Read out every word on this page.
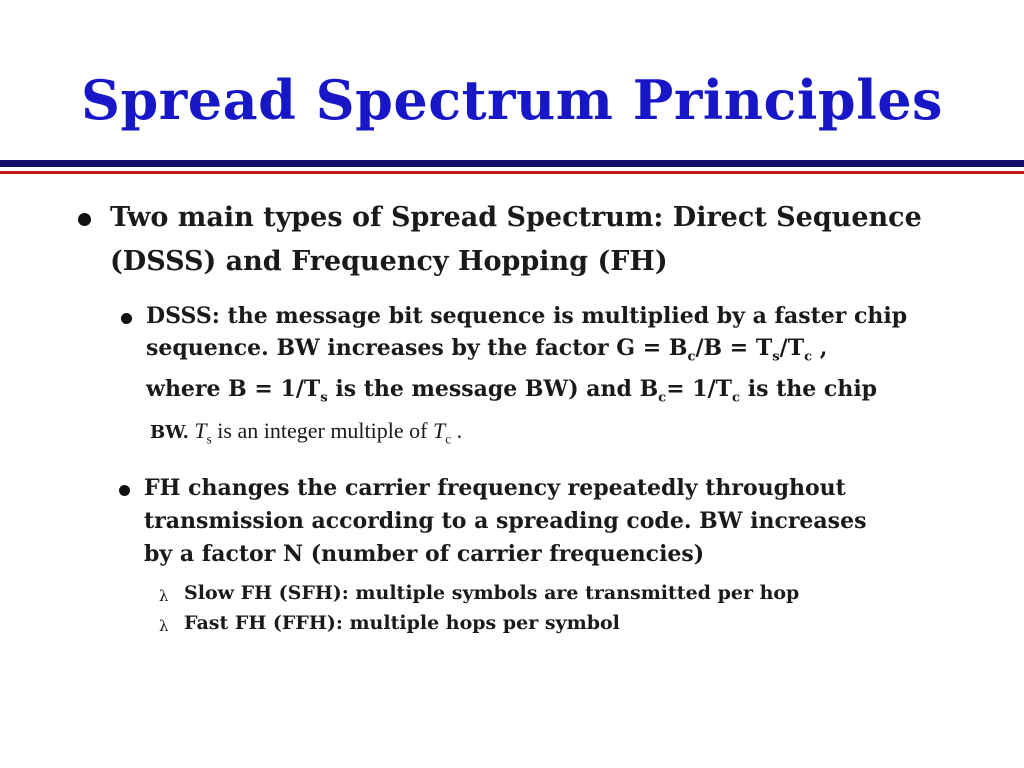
Spread Spectrum Principles
Two main types of Spread Spectrum: Direct Sequence
(DSSS) and Frequency Hopping (FH)
DSSS: the message bit sequence is multiplied by a faster chip
sequence. BW increases by the factor $G = B_c/B = T_s/T_c$ ,
where $B = 1/T_s$ is the message BW) and $B_c= 1/T_c$ is the chip
BW. $T_s$ is an integer multiple of $T_c$ .
FH changes the carrier frequency repeatedly throughout
transmission according to a spreading code. BW increases
by a factor N (number of carrier frequencies)
λ Slow FH (SFH): multiple symbols are transmitted per hop
λ Fast FH (FFH): multiple hops per symbol
